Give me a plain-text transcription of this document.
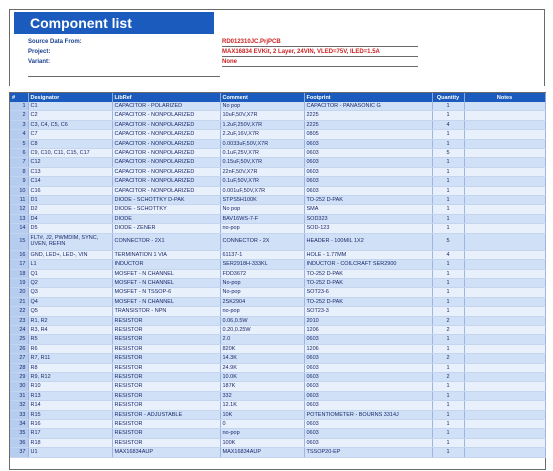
Component list
Source Data From:	RD012310JC.PrjPCB
Project:	MAX16834 EVKit, 2 Layer, 24VIN, VLED=75V, ILED=1.5A
Variant:	None
#	Designator	LibRef	Comment	Footprint	Quantity	Notes
1	C1	CAPACITOR - POLARIZED	No pop	CAPACITOR - PANASONIC G	1	
2	C2	CAPACITOR - NONPOLARIZED	10uF,50V,X7R	2225	1	
3	C3, C4, C5, C6	CAPACITOR - NONPOLARIZED	1.2uF,250V,X7R	2225	4	
4	C7	CAPACITOR - NONPOLARIZED	2.2uF,16V,X7R	0805	1	
5	C8	CAPACITOR - NONPOLARIZED	0.0033uF,50V,X7R	0603	1	
6	C9, C10, C11, C15, C17	CAPACITOR - NONPOLARIZED	0.1uF,25V,X7R	0603	5	
7	C12	CAPACITOR - NONPOLARIZED	0.15uF,50V,X7R	0603	1	
8	C13	CAPACITOR - NONPOLARIZED	22nF,50V,X7R	0603	1	
9	C14	CAPACITOR - NONPOLARIZED	0.1uF,50V,X7R	0603	1	
10	C16	CAPACITOR - NONPOLARIZED	0.001uF,50V,X7R	0603	1	
11	D1	DIODE - SCHOTTKY D-PAK	STPS5H100K	TO-252 D-PAK	1	
12	D2	DIODE - SCHOTTKY	No pop	SMA	1	
13	D4	DIODE	BAV16WS-7-F	SOD323	1	
14	D5	DIODE - ZENER	no-pop	SOD-123	1	
15	FLT#, J2, PWMDIM, SYNC, UVEN, REFIN	CONNECTOR - 2X1	CONNECTOR - 2X	HEADER - 100MIL 1X2	5	
16	GND, LED+, LED-, VIN	TERMINATION 1 VIA	61137-1	HOLE - 1.77MM	4	
17	L1	INDUCTOR	SER2918H-333KL	INDUCTOR - COILCRAFT SER2900	1	
18	Q1	MOSFET - N CHANNEL	FDD3672	TO-252 D-PAK	1	
19	Q2	MOSFET - N CHANNEL	No-pop	TO-252 D-PAK	1	
20	Q3	MOSFET - N TSSOP-6	No-pop	SOT23-6	1	
21	Q4	MOSFET - N CHANNEL	2SK2904	TO-252 D-PAK	1	
22	Q5	TRANSISTOR - NPN	no-pop	SOT23-3	1	
23	R1, R2	RESISTOR	0.06,0.5W	2010	2	
24	R3, R4	RESISTOR	0.20,0.25W	1206	2	
25	R5	RESISTOR	2.0	0603	1	
26	R6	RESISTOR	820K	1206	1	
27	R7, R11	RESISTOR	14.3K	0603	2	
28	R8	RESISTOR	24.9K	0603	1	
29	R9, R12	RESISTOR	10.0K	0603	2	
30	R10	RESISTOR	187K	0603	1	
31	R13	RESISTOR	332	0603	1	
32	R14	RESISTOR	12.1K	0603	1	
33	R15	RESISTOR - ADJUSTABLE	10K	POTENTIOMETER - BOURNS 3314J	1	
34	R16	RESISTOR	0	0603	1	
35	R17	RESISTOR	no-pop	0603	1	
36	R18	RESISTOR	100K	0603	1	
37	U1	MAX16834AUP	MAX16834AUP	TSSOP20-EP	1	
